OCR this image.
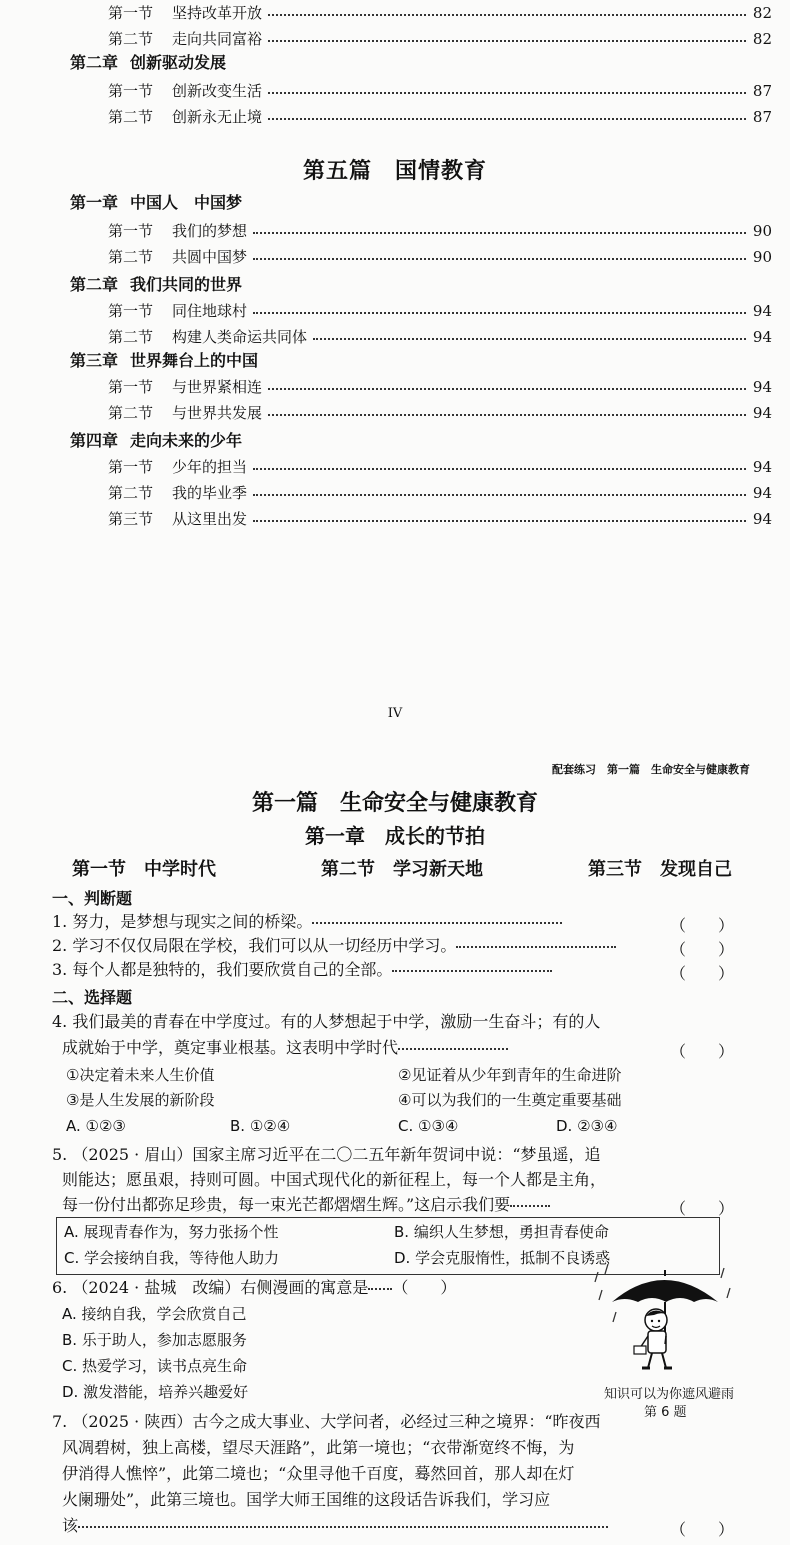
第一节 坚持改革开放	82
第二节 走向共同富裕	82
第二章 创新驱动发展
第一节 创新改变生活	87
第二节 创新永无止境	87
第一章 中国人　中国梦
第一节 我们的梦想	90
第二节 共圆中国梦	90
第二章 我们共同的世界
第一节 同住地球村	94
第二节 构建人类命运共同体	94
第三章 世界舞台上的中国
第一节 与世界紧相连	94
第二节 与世界共发展	94
第四章 走向未来的少年
第一节 少年的担当	94
第二节 我的毕业季	94
第三节 从这里出发	94
第五篇　国情教育
IV
配套练习　第一篇　生命安全与健康教育
第一篇　生命安全与健康教育
第一章　成长的节拍
第一节　中学时代	第二节　学习新天地	第三节　发现自己
一、判断题
1. 努力，是梦想与现实之间的桥梁。	（　　）
2. 学习不仅仅局限在学校，我们可以从一切经历中学习。	（　　）
3. 每个人都是独特的，我们要欣赏自己的全部。	（　　）
二、选择题
4. 我们最美的青春在中学度过。有的人梦想起于中学，激励一生奋斗；有的人
成就始于中学，奠定事业根基。这表明中学时代	（　　）
①决定着未来人生价值	②见证着从少年到青年的生命进阶
③是人生发展的新阶段	④可以为我们的一生奠定重要基础
A. ①②③	B. ①②④	C. ①③④	D. ②③④
5. （2025 · 眉山）国家主席习近平在二〇二五年新年贺词中说：“梦虽遥，追
则能达；愿虽艰，持则可圆。中国式现代化的新征程上，每一个人都是主角，
每一份付出都弥足珍贵，每一束光芒都熠熠生辉。”这启示我们要	（　　）
A. 展现青春作为，努力张扬个性	B. 编织人生梦想，勇担青春使命
C. 学会接纳自我，等待他人助力	D. 学会克服惰性，抵制不良诱惑
6. （2024 · 盐城　改编）右侧漫画的寓意是 （　　）
A. 接纳自我，学会欣赏自己
B. 乐于助人，参加志愿服务
C. 热爱学习，读书点亮生命
D. 激发潜能，培养兴趣爱好	知识可以为你遮风避雨
第 6 题
7. （2025 · 陕西）古今之成大事业、大学问者，必经过三种之境界：“昨夜西
风凋碧树，独上高楼，望尽天涯路”，此第一境也；“衣带渐宽终不悔，为
伊消得人憔悴”，此第二境也；“众里寻他千百度，蓦然回首，那人却在灯
火阑珊处”，此第三境也。国学大师王国维的这段话告诉我们，学习应
该	（　　）
